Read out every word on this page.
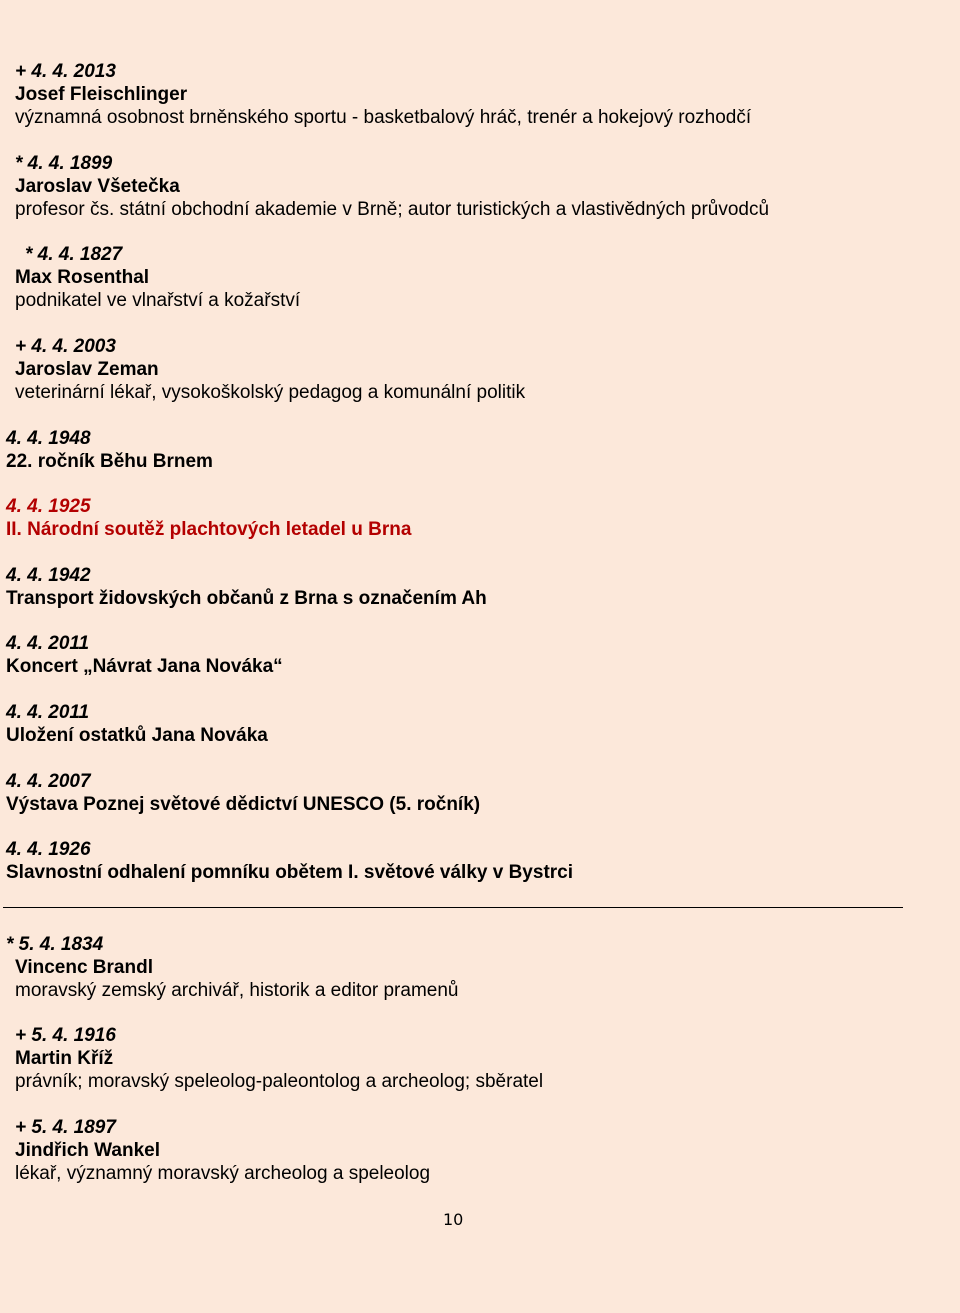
+ 4. 4. 2013
Josef Fleischlinger
významná osobnost brněnského sportu - basketbalový hráč, trenér a hokejový rozhodčí
* 4. 4. 1899
Jaroslav Všetečka
profesor čs. státní obchodní akademie v Brně; autor turistických a vlastivědných průvodců
* 4. 4. 1827
Max Rosenthal
podnikatel ve vlnařství a kožařství
+ 4. 4. 2003
Jaroslav Zeman
veterinární lékař, vysokoškolský pedagog a komunální politik
4. 4. 1948
22. ročník Běhu Brnem
4. 4. 1925
II. Národní soutěž plachtových letadel u Brna
4. 4. 1942
Transport židovských občanů z Brna s označením Ah
4. 4. 2011
Koncert „Návrat Jana Nováka“
4. 4. 2011
Uložení ostatků Jana Nováka
4. 4. 2007
Výstava Poznej světové dědictví UNESCO (5. ročník)
4. 4. 1926
Slavnostní odhalení pomníku obětem I. světové války v Bystrci
* 5. 4. 1834
Vincenc Brandl
moravský zemský archivář, historik a editor pramenů
+ 5. 4. 1916
Martin Kříž
právník; moravský speleolog-paleontolog a archeolog; sběratel
+ 5. 4. 1897
Jindřich Wankel
lékař, významný moravský archeolog a speleolog
10
